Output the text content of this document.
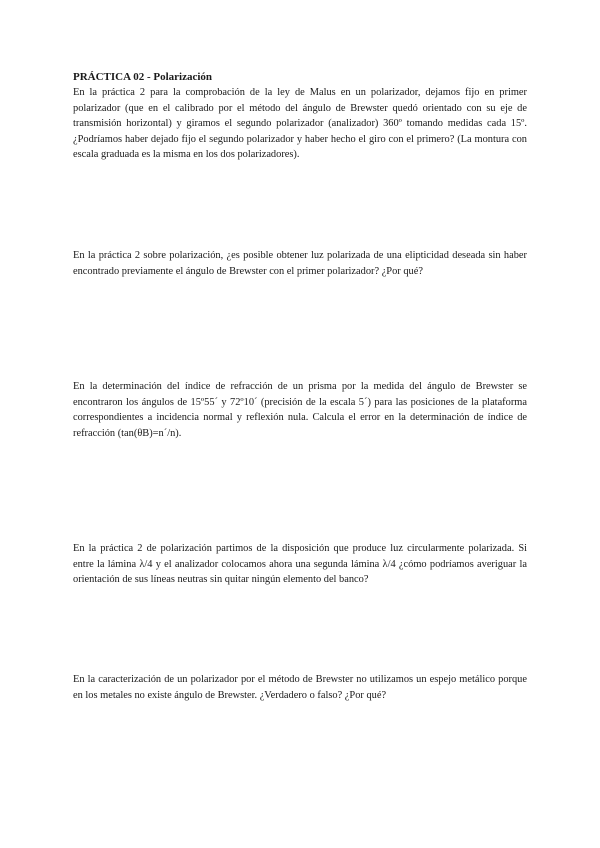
PRÁCTICA 02 - Polarización

En la práctica 2 para la comprobación de la ley de Malus en un polarizador, dejamos fijo en primer polarizador (que en el calibrado por el método del ángulo de Brewster quedó orientado con su eje de transmisión horizontal) y giramos el segundo polarizador (analizador) 360º tomando medidas cada 15º. ¿Podríamos haber dejado fijo el segundo polarizador y haber hecho el giro con el primero? (La montura con escala graduada es la misma en los dos polarizadores).

En la práctica 2 sobre polarización, ¿es posible obtener luz polarizada de una elipticidad deseada sin haber encontrado previamente el ángulo de Brewster con el primer polarizador? ¿Por qué?

En la determinación del índice de refracción de un prisma por la medida del ángulo de Brewster se encontraron los ángulos de 15º55´ y 72º10´ (precisión de la escala 5´) para las posiciones de la plataforma correspondientes a incidencia normal y reflexión nula. Calcula el error en la determinación de índice de refracción (tan(θB)=n´/n).

En la práctica 2 de polarización partimos de la disposición que produce luz circularmente polarizada. Si entre la lámina λ/4 y el analizador colocamos ahora una segunda lámina λ/4 ¿cómo podríamos averiguar la orientación de sus líneas neutras sin quitar ningún elemento del banco?

En la caracterización de un polarizador por el método de Brewster no utilizamos un espejo metálico porque en los metales no existe ángulo de Brewster. ¿Verdadero o falso? ¿Por qué?
